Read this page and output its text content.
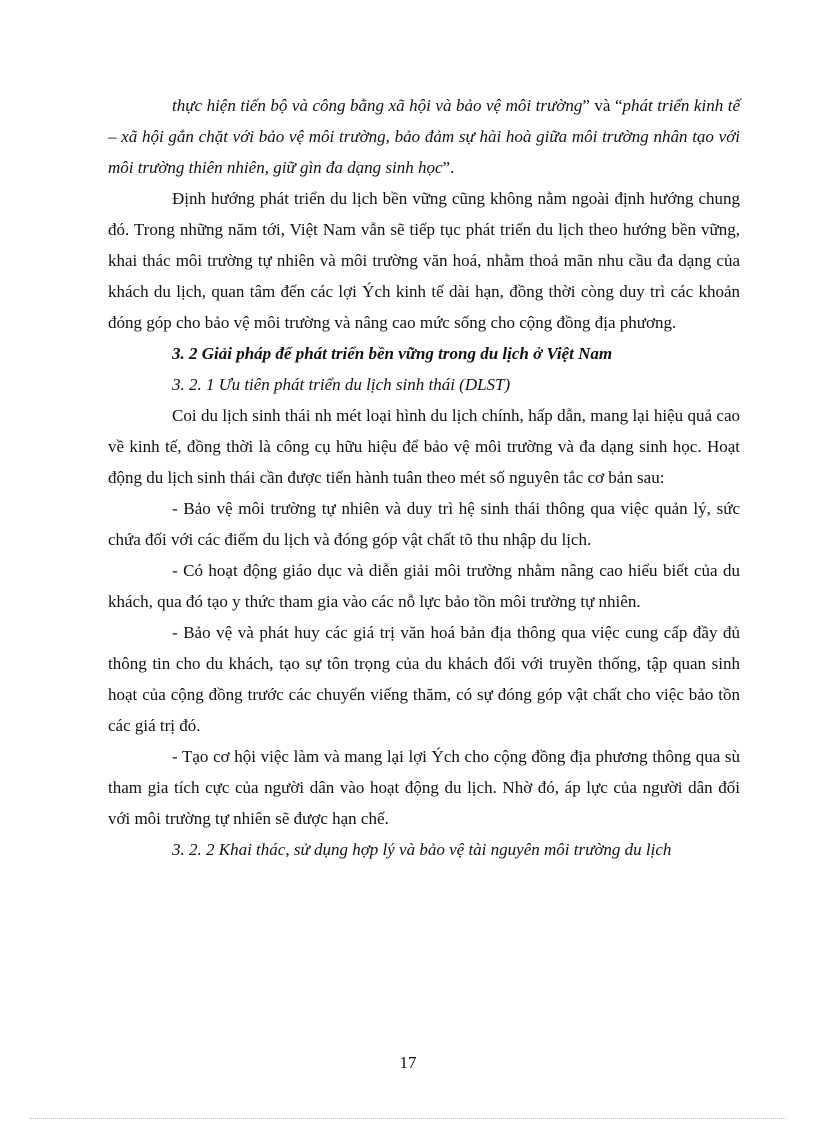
thực hiện tiến bộ và công bằng xã hội và bảo vệ môi trường” và “phát triển kinh tế – xã hội gắn chặt với bảo vệ môi trường, bảo đảm sự hài hoà giữa môi trường nhân tạo với môi trường thiên nhiên, giữ gìn đa dạng sinh học”.

Định hướng phát triển du lịch bền vững cũng không nằm ngoài định hướng chung đó. Trong những năm tới, Việt Nam vẫn sẽ tiếp tục phát triển du lịch theo hướng bền vững, khai thác môi trường tự nhiên và môi trường văn hoá, nhằm thoả mãn nhu cầu đa dạng của khách du lịch, quan tâm đến các lợi Ých kinh tế dài hạn, đồng thời còng duy trì các khoản đóng góp cho bảo vệ môi trường và nâng cao mức sống cho cộng đồng địa phương.

3. 2 Giải pháp để phát triển bền vững trong du lịch ở Việt Nam

3. 2. 1 Ưu tiên phát triển du lịch sinh thái (DLST)

Coi du lịch sinh thái nh mét loại hình du lịch chính, hấp dẫn, mang lại hiệu quả cao về kinh tế, đồng thời là công cụ hữu hiệu để bảo vệ môi trường và đa dạng sinh học. Hoạt động du lịch sinh thái cần được tiến hành tuân theo mét số nguyên tắc cơ bản sau:

- Bảo vệ môi trường tự nhiên và duy trì hệ sinh thái thông qua việc quản lý, sức chứa đối với các điểm du lịch và đóng góp vật chất tõ thu nhập du lịch.

- Có hoạt động giáo dục và diễn giải môi trường nhằm nâng cao hiểu biết của du khách, qua đó tạo y thức tham gia vào các nỗ lực bảo tồn môi trường tự nhiên.

- Bảo vệ và phát huy các giá trị văn hoá bản địa thông qua việc cung cấp đầy đủ thông tin cho du khách, tạo sự tôn trọng của du khách đối với truyền thống, tập quan sinh hoạt của cộng đồng trước các chuyến viếng thăm, có sự đóng góp vật chất cho việc bảo tồn các giá trị đó.

- Tạo cơ hội việc làm và mang lại lợi Ých cho cộng đồng địa phương thông qua sù tham gia tích cực của người dân vào hoạt động du lịch. Nhờ đó, áp lực của người dân đối với môi trường tự nhiên sẽ được hạn chế.

3. 2. 2 Khai thác, sử dụng hợp lý và bảo vệ tài nguyên môi trường du lịch

17
